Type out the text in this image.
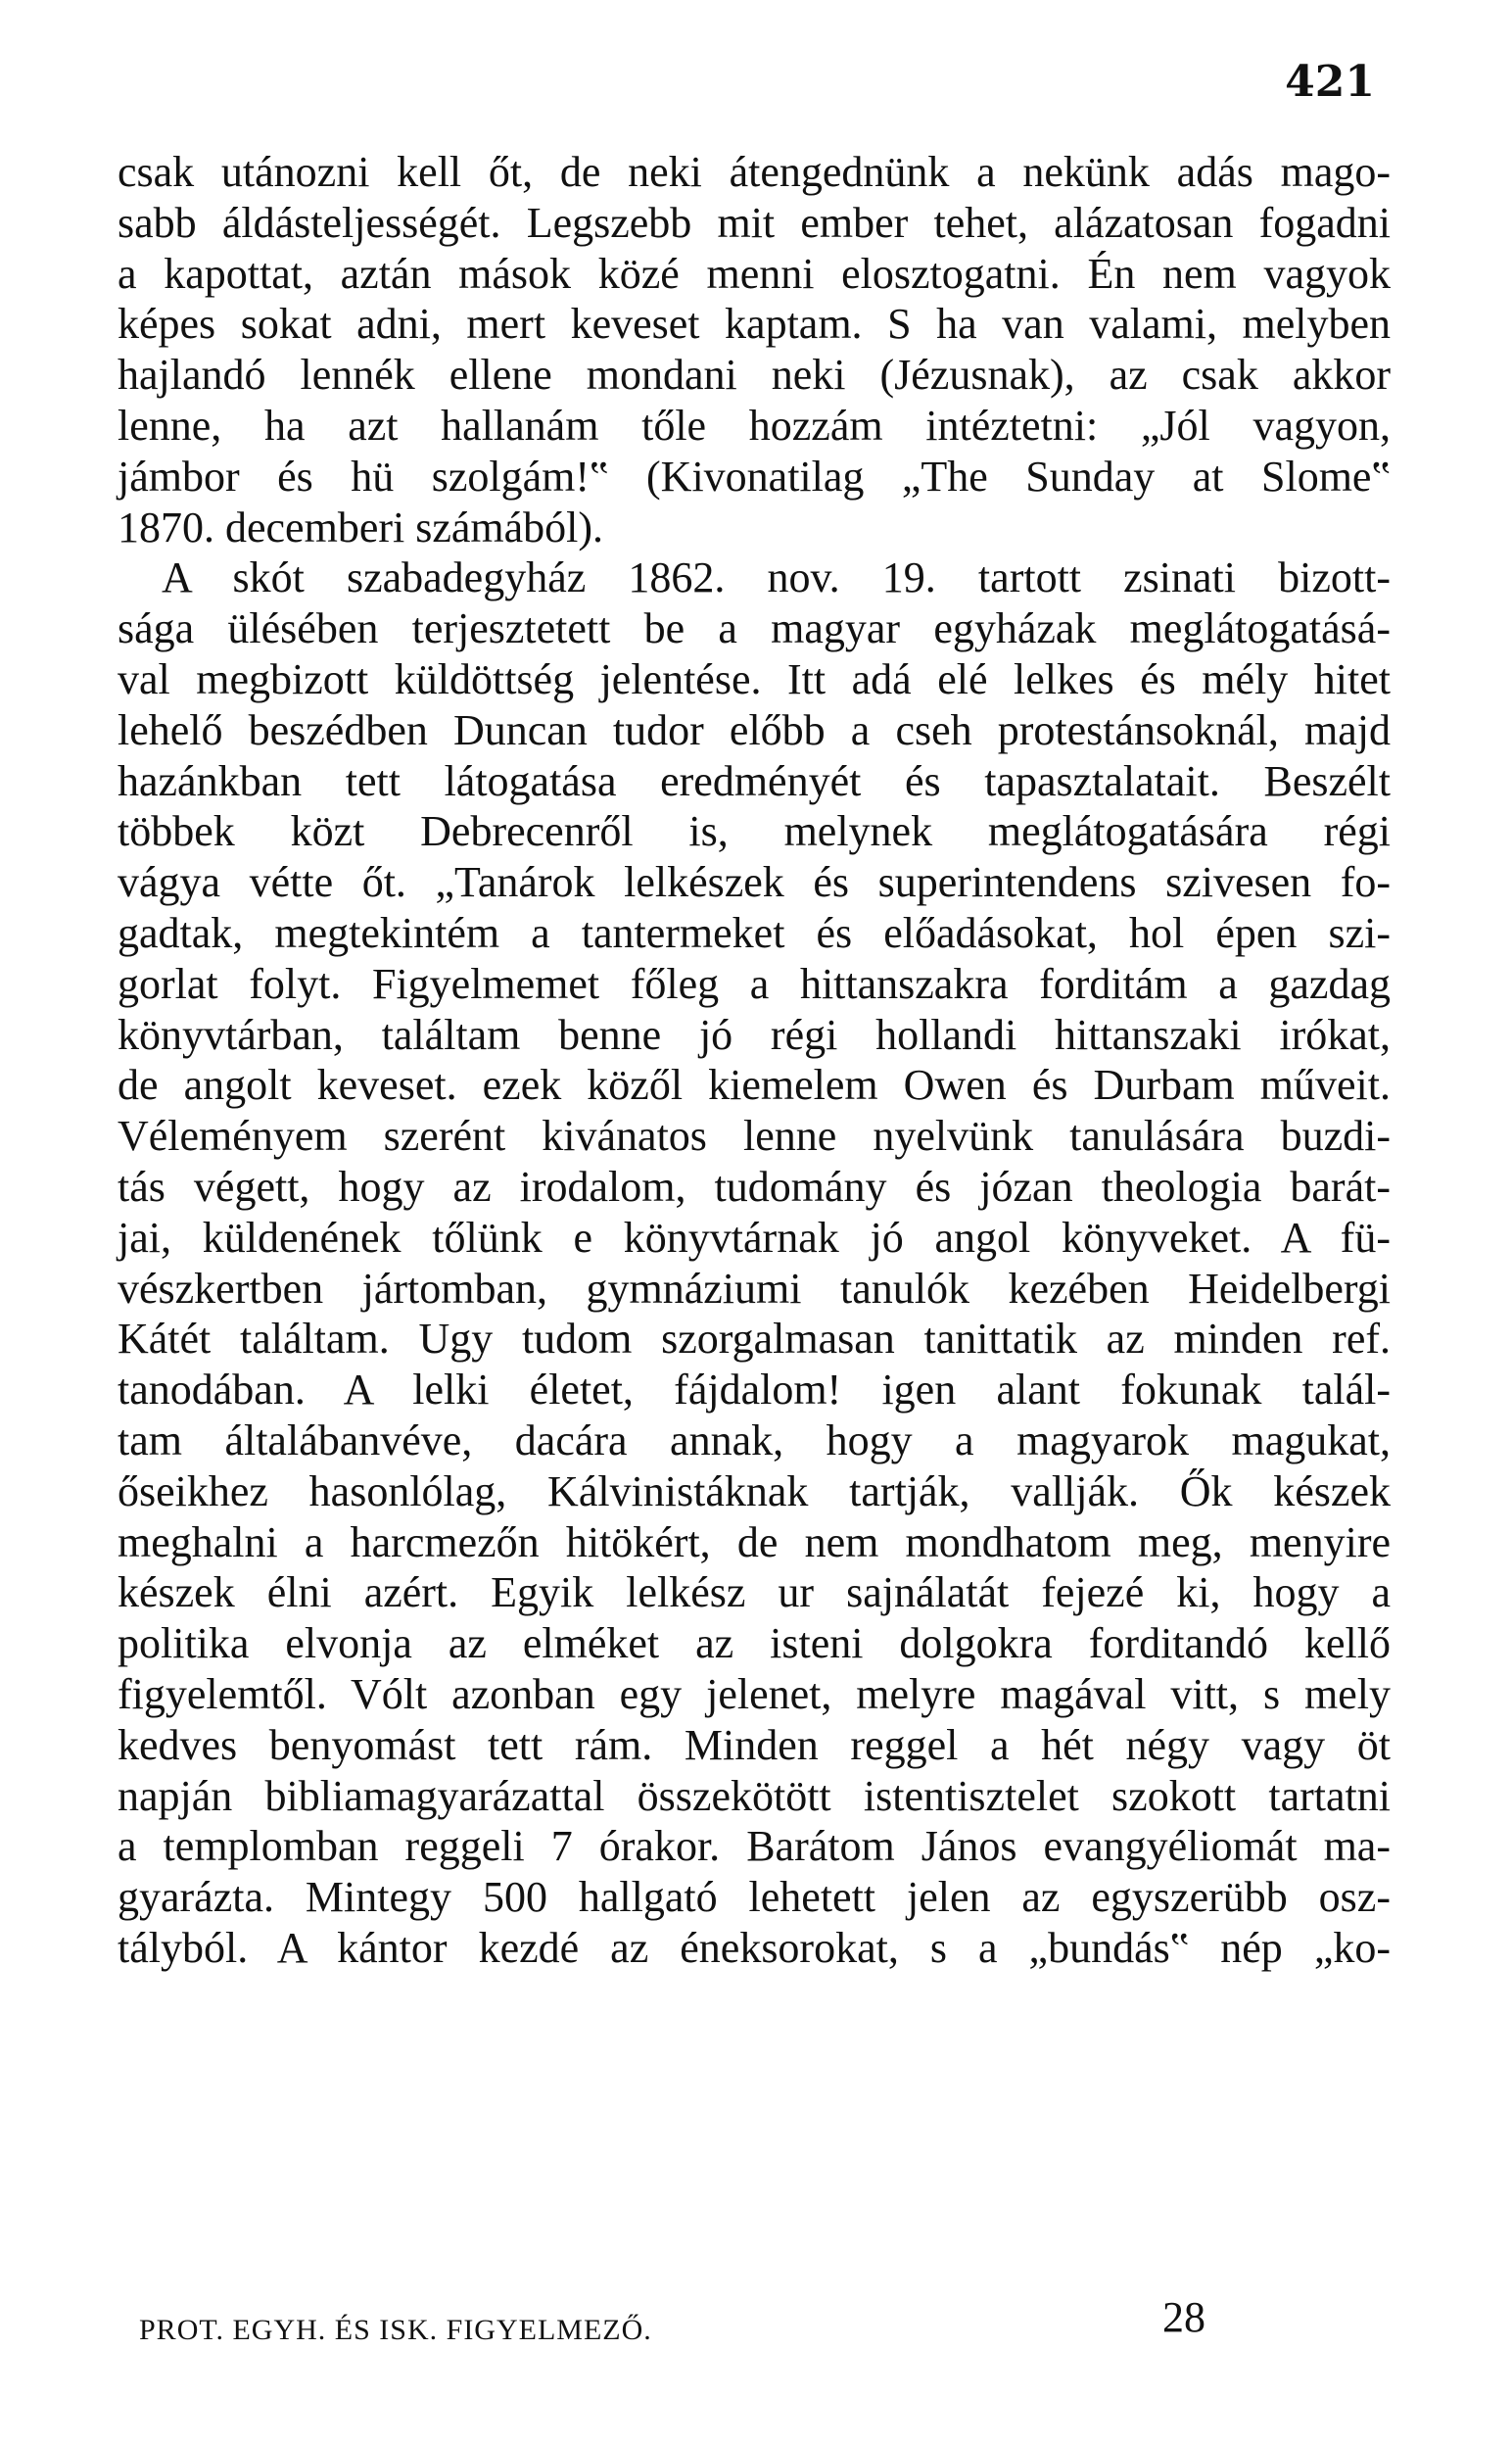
421
csak utánozni kell őt, de neki átengednünk a nekünk adás mago-
sabb áldásteljességét. Legszebb mit ember tehet, alázatosan fogadni
a kapottat, aztán mások közé menni elosztogatni. Én nem vagyok
képes sokat adni, mert keveset kaptam. S ha van valami, melyben
hajlandó lennék ellene mondani neki (Jézusnak), az csak akkor
lenne, ha azt hallanám tőle hozzám intéztetni: „Jól vagyon,
jámbor és hü szolgám!‟ (Kivonatilag „The Sunday at Slome‟
1870. decemberi számából).
A skót szabadegyház 1862. nov. 19. tartott zsinati bizott-
sága ülésében terjesztetett be a magyar egyházak meglátogatásá-
val megbizott küldöttség jelentése. Itt adá elé lelkes és mély hitet
lehelő beszédben Duncan tudor előbb a cseh protestánsoknál, majd
hazánkban tett látogatása eredményét és tapasztalatait. Beszélt
többek közt Debrecenről is, melynek meglátogatására régi
vágya vétte őt. „Tanárok lelkészek és superintendens szivesen fo-
gadtak, megtekintém a tantermeket és előadásokat, hol épen szi-
gorlat folyt. Figyelmemet főleg a hittanszakra forditám a gazdag
könyvtárban, találtam benne jó régi hollandi hittanszaki irókat,
de angolt keveset. ezek közől kiemelem Owen és Durbam műveit.
Véleményem szerént kivánatos lenne nyelvünk tanulására buzdi-
tás végett, hogy az irodalom, tudomány és józan theologia barát-
jai, küldenének tőlünk e könyvtárnak jó angol könyveket. A fü-
vészkertben jártomban, gymnáziumi tanulók kezében Heidelbergi
Kátét találtam. Ugy tudom szorgalmasan tanittatik az minden ref.
tanodában. A lelki életet, fájdalom! igen alant fokunak talál-
tam általábanvéve, dacára annak, hogy a magyarok magukat,
őseikhez hasonlólag, Kálvinistáknak tartják, vallják. Ők készek
meghalni a harcmezőn hitökért, de nem mondhatom meg, menyire
készek élni azért. Egyik lelkész ur sajnálatát fejezé ki, hogy a
politika elvonja az elméket az isteni dolgokra forditandó kellő
figyelemtől. Vólt azonban egy jelenet, melyre magával vitt, s mely
kedves benyomást tett rám. Minden reggel a hét négy vagy öt
napján bibliamagyarázattal összekötött istentisztelet szokott tartatni
a templomban reggeli 7 órakor. Barátom János evangyéliomát ma-
gyarázta. Mintegy 500 hallgató lehetett jelen az egyszerübb osz-
tályból. A kántor kezdé az éneksorokat, s a „bundás‟ nép „ko-
PROT. EGYH. ÉS ISK. FIGYELMEZŐ.	28
